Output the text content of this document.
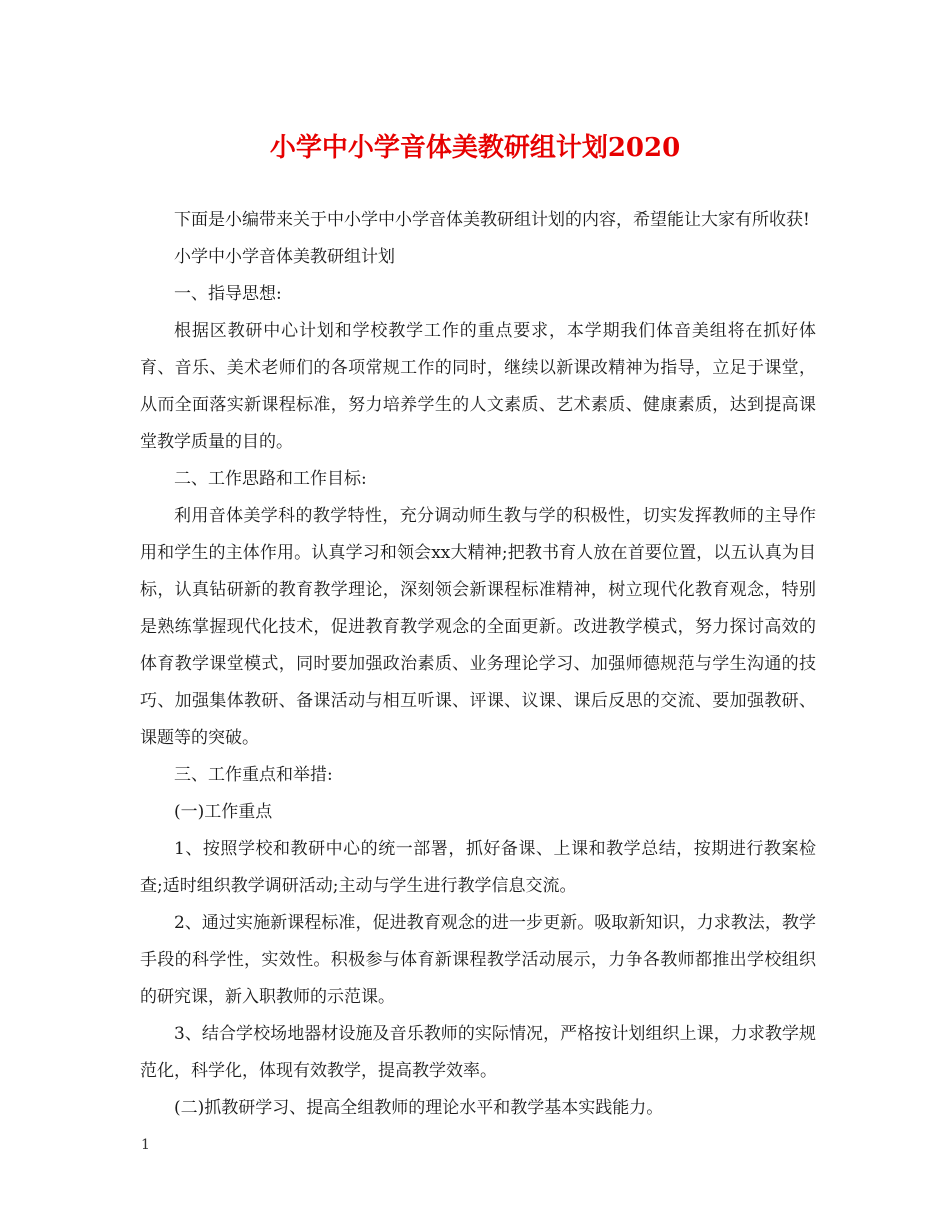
小学中小学音体美教研组计划2020

下面是小编带来关于中小学中小学音体美教研组计划的内容，希望能让大家有所收获!

小学中小学音体美教研组计划

一、指导思想:

根据区教研中心计划和学校教学工作的重点要求，本学期我们体音美组将在抓好体育、音乐、美术老师们的各项常规工作的同时，继续以新课改精神为指导，立足于课堂，从而全面落实新课程标准，努力培养学生的人文素质、艺术素质、健康素质，达到提高课堂教学质量的目的。

二、工作思路和工作目标:

利用音体美学科的教学特性，充分调动师生教与学的积极性，切实发挥教师的主导作用和学生的主体作用。认真学习和领会xx大精神;把教书育人放在首要位置，以五认真为目标，认真钻研新的教育教学理论，深刻领会新课程标准精神，树立现代化教育观念，特别是熟练掌握现代化技术，促进教育教学观念的全面更新。改进教学模式，努力探讨高效的体育教学课堂模式，同时要加强政治素质、业务理论学习、加强师德规范与学生沟通的技巧、加强集体教研、备课活动与相互听课、评课、议课、课后反思的交流、要加强教研、课题等的突破。

三、工作重点和举措:

(一)工作重点

1、按照学校和教研中心的统一部署，抓好备课、上课和教学总结，按期进行教案检查;适时组织教学调研活动;主动与学生进行教学信息交流。

2、通过实施新课程标准，促进教育观念的进一步更新。吸取新知识，力求教法，教学手段的科学性，实效性。积极参与体育新课程教学活动展示，力争各教师都推出学校组织的研究课，新入职教师的示范课。

3、结合学校场地器材设施及音乐教师的实际情况，严格按计划组织上课，力求教学规范化，科学化，体现有效教学，提高教学效率。

(二)抓教研学习、提高全组教师的理论水平和教学基本实践能力。

1
